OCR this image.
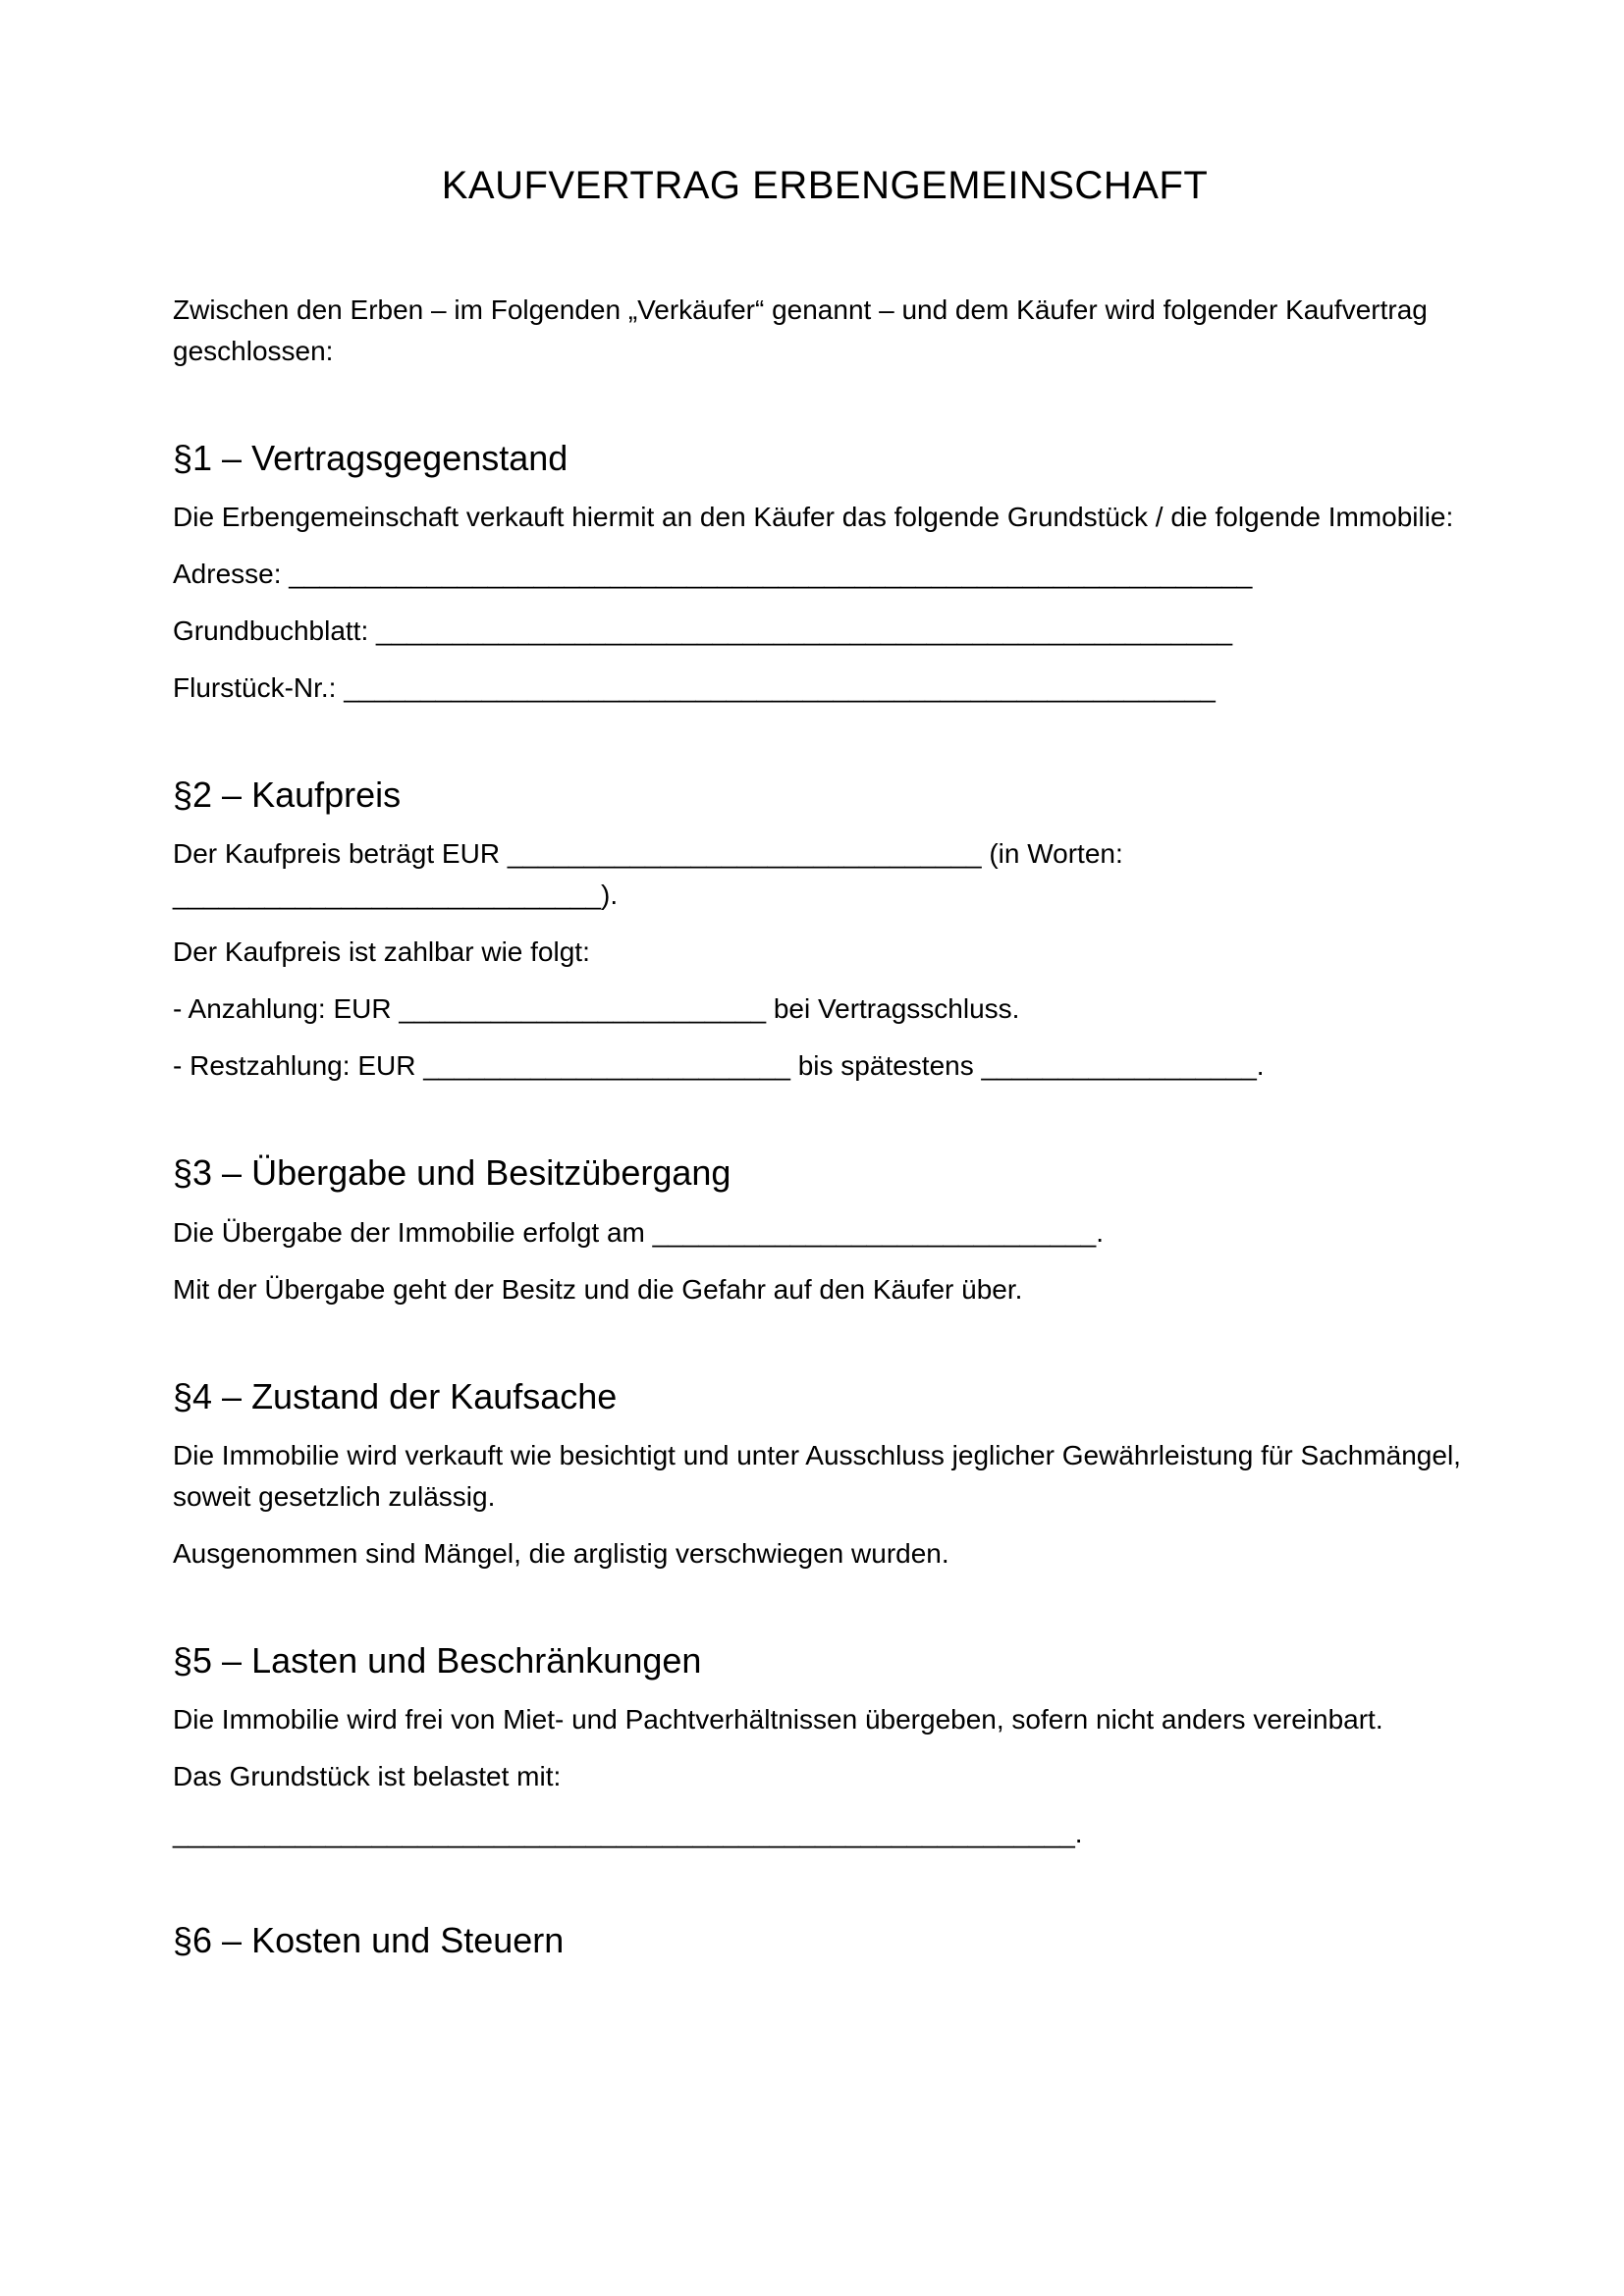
KAUFVERTRAG ERBENGEMEINSCHAFT

Zwischen den Erben – im Folgenden „Verkäufer“ genannt – und dem Käufer wird folgender Kaufvertrag geschlossen:

§1 – Vertragsgegenstand

Die Erbengemeinschaft verkauft hiermit an den Käufer das folgende Grundstück / die folgende Immobilie:

Adresse: _______________________________________________________________

Grundbuchblatt: ________________________________________________________

Flurstück-Nr.: _________________________________________________________

§2 – Kaufpreis

Der Kaufpreis beträgt EUR _______________________________ (in Worten: ____________________________).

Der Kaufpreis ist zahlbar wie folgt:

- Anzahlung: EUR ________________________ bei Vertragsschluss.

- Restzahlung: EUR ________________________ bis spätestens __________________.

§3 – Übergabe und Besitzübergang

Die Übergabe der Immobilie erfolgt am _____________________________.

Mit der Übergabe geht der Besitz und die Gefahr auf den Käufer über.

§4 – Zustand der Kaufsache

Die Immobilie wird verkauft wie besichtigt und unter Ausschluss jeglicher Gewährleistung für Sachmängel, soweit gesetzlich zulässig.

Ausgenommen sind Mängel, die arglistig verschwiegen wurden.

§5 – Lasten und Beschränkungen

Die Immobilie wird frei von Miet- und Pachtverhältnissen übergeben, sofern nicht anders vereinbart.

Das Grundstück ist belastet mit:

___________________________________________________________.

§6 – Kosten und Steuern
